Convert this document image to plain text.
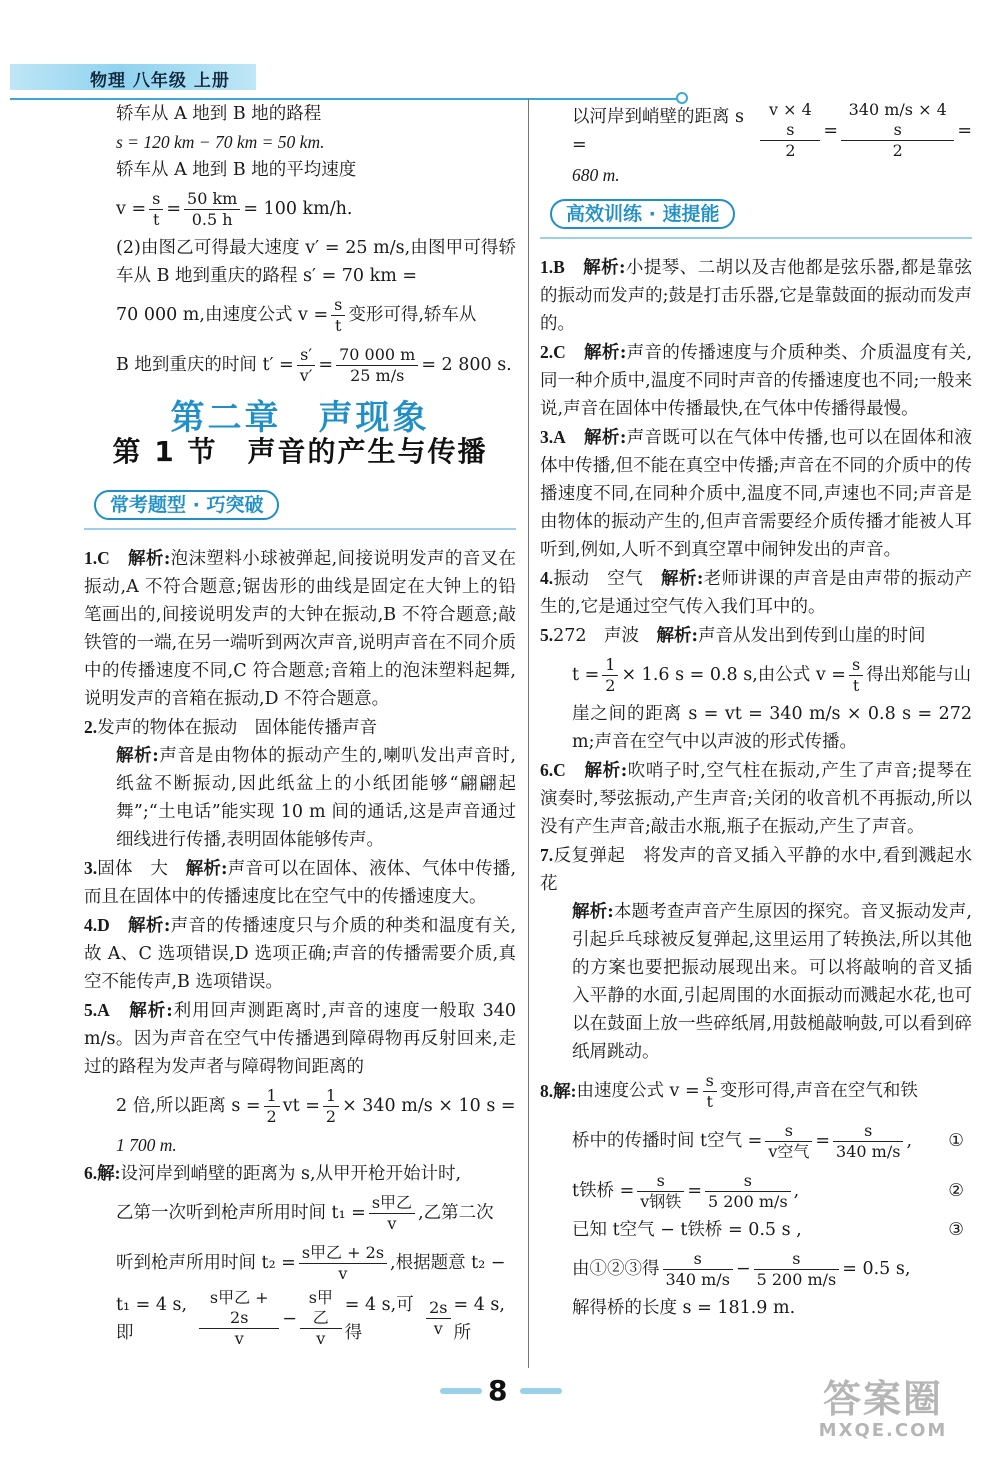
物理 八年级 上册

轿车从 A 地到 B 地的路程

s = 120 km − 70 km = 50 km.

轿车从 A 地到 B 地的平均速度

$v = \frac{s}{t} = \frac{50 km}{0.5 h} = 100$ km/h.

(2)由图乙可得最大速度 v′ = 25 m/s,由图甲可得轿车从 B 地到重庆的路程 s′ = 70 km =

70 000 m,由速度公式 $v = \frac{s}{t}$ 变形可得,轿车从
B 地到重庆的时间 $t' = \frac{s'}{v'} = \frac{70 000 m}{25 m/s} = 2$ 800 s.
第二章　声现象
第 1 节　声音的产生与传播
常考题型 · 巧突破

1.C　 解析:泡沫塑料小球被弹起,间接说明发声的音叉在振动,A 不符合题意;锯齿形的曲线是固定在大钟上的铅笔画出的,间接说明发声的大钟在振动,B 不符合题意;敲铁管的一端,在另一端听到两次声音,说明声音在不同介质中的传播速度不同,C 符合题意;音箱上的泡沫塑料起舞,说明发声的音箱在振动,D 不符合题意。

2.发声的物体在振动　固体能传播声音

解析:声音是由物体的振动产生的,喇叭发出声音时,纸盆不断振动,因此纸盆上的小纸团能够“翩翩起舞”;“土电话”能实现 10 m 间的通话,这是声音通过细线进行传播,表明固体能够传声。

3.固体　大　 解析:声音可以在固体、液体、气体中传播,而且在固体中的传播速度比在空气中的传播速度大。

4.D　 解析:声音的传播速度只与介质的种类和温度有关,故 A、C 选项错误,D 选项正确;声音的传播需要介质,真空不能传声,B 选项错误。

5.A　 解析:利用回声测距离时,声音的速度一般取 340 m/s。因为声音在空气中传播遇到障碍物再反射回来,走过的路程为发声者与障碍物间距离的

2 倍,所以距离 $s = \frac{1}{2}$ vt = $\frac{1}{2} \times 340$ m/s × 10 s =

1 700 m.

6.解:设河岸到峭壁的距离为 s,从甲开枪开始计时,

乙第一次听到枪声所用时间 $t_1 = \frac{\text{s甲乙}}{v}$ ,乙第二次
听到枪声所用时间 $t_2 = \frac{\text{s甲乙 + 2s}}{v}$ ,根据题意 t₂ −
t₁ = 4 s,即	$\frac{\text{s甲乙 + 2s}}{v} - \frac{\text{s甲乙}}{v} = 4$ s,可得	$\frac{2s}{v} = 4$ s,所
以河岸到峭壁的距离 s =	$\frac{v \times 4 s}{2} = \frac{340 m/s \times 4 s}{2}$ =

680 m.

高效训练 · 速提能

1.B　 解析:小提琴、二胡以及吉他都是弦乐器,都是靠弦的振动而发声的;鼓是打击乐器,它是靠鼓面的振动而发声的。

2.C　 解析:声音的传播速度与介质种类、介质温度有关,同一种介质中,温度不同时声音的传播速度也不同;一般来说,声音在固体中传播最快,在气体中传播得最慢。

3.A　 解析:声音既可以在气体中传播,也可以在固体和液体中传播,但不能在真空中传播;声音在不同的介质中的传播速度不同,在同种介质中,温度不同,声速也不同;声音是由物体的振动产生的,但声音需要经介质传播才能被人耳听到,例如,人听不到真空罩中闹钟发出的声音。

4.振动　空气　 解析:老师讲课的声音是由声带的振动产生的,它是通过空气传入我们耳中的。

5.272　声波　 解析:声音从发出到传到山崖的时间

$t = \frac{1}{2} \times 1.6$ s = 0.8 s,由公式 $v = \frac{s}{t}$ 得出郑能与山

崖之间的距离 s = vt = 340 m/s × 0.8 s = 272 m;声音在空气中以声波的形式传播。

6.C　 解析:吹哨子时,空气柱在振动,产生了声音;提琴在演奏时,琴弦振动,产生声音;关闭的收音机不再振动,所以没有产生声音;敲击水瓶,瓶子在振动,产生了声音。

7.反复弹起　将发声的音叉插入平静的水中,看到溅起水花

解析:本题考查声音产生原因的探究。音叉振动发声,引起乒乓球被反复弹起,这里运用了转换法,所以其他的方案也要把振动展现出来。可以将敲响的音叉插入平静的水面,引起周围的水面振动而溅起水花,也可以在鼓面上放一些碎纸屑,用鼓槌敲响鼓,可以看到碎纸屑跳动。

8.解: 由速度公式 $v = \frac{s}{t}$ 变形可得,声音在空气和铁
桥中的传播时间 t空气 = $\frac{s}{\text{v空气}} = \frac{s}{340 m/s}$ , ①
t铁桥 = $\frac{s}{\text{v钢铁}} = \frac{s}{5 200 m/s}$ ,	②

已知 t空气 − t铁桥 = 0.5 s ,	③

由①②③得 $\frac{s}{340 m/s} - \frac{s}{5 200 m/s} = 0.5$ s,

解得桥的长度 s = 181.9 m.

8	答案圈
MXQE.COM
